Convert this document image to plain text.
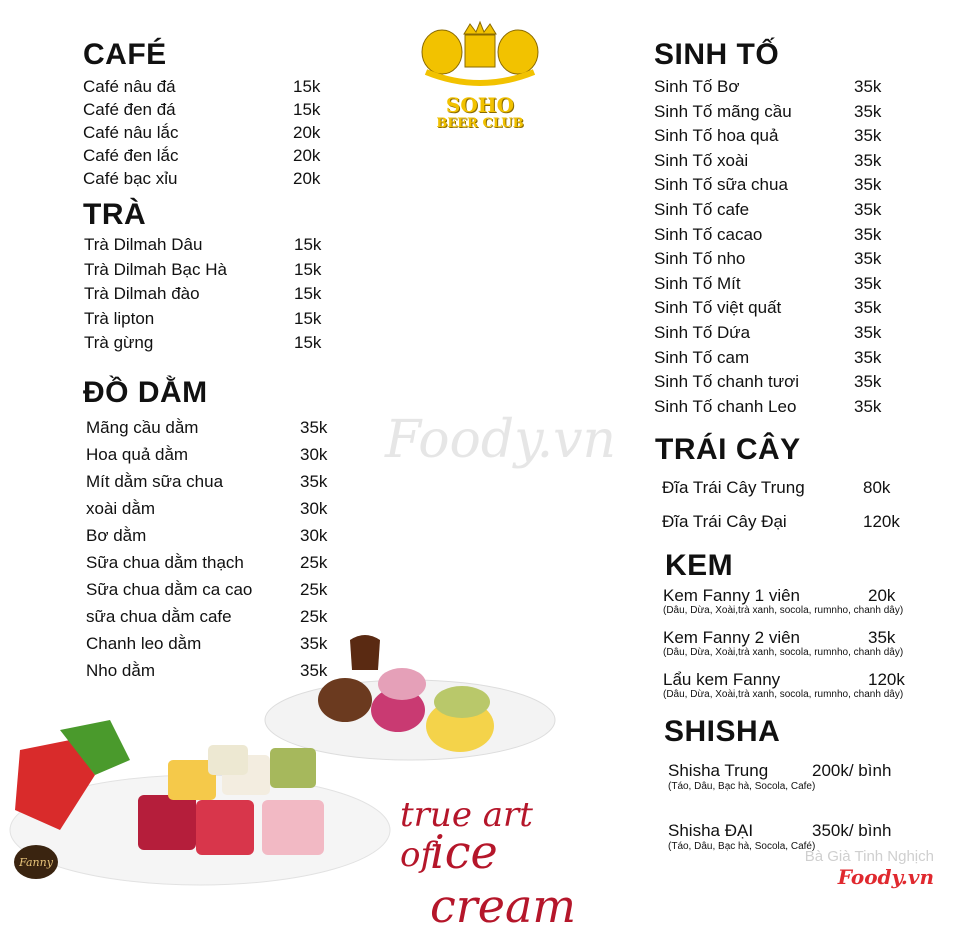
SOHO
BEER CLUB
Foody.vn
CAFÉ
Café nâu đá	15k
Café đen đá	15k
Café nâu lắc	20k
Café đen lắc	20k
Café bạc xỉu	20k
TRÀ
Trà Dilmah Dâu	15k
Trà Dilmah Bạc Hà	15k
Trà Dilmah đào	15k
Trà lipton	15k
Trà gừng	15k
ĐỒ DẰM
Mãng cầu dằm	35k
Hoa quả dằm	30k
Mít dằm sữa chua	35k
xoài dằm	30k
Bơ dằm	30k
Sữa chua dằm thạch	25k
Sữa chua dằm ca cao	25k
sữa chua dằm cafe	25k
Chanh leo dằm	35k
Nho dằm	35k
SINH TỐ
Sinh Tố Bơ	35k
Sinh Tố mãng cầu	35k
Sinh Tố hoa quả	35k
Sinh Tố xoài	35k
Sinh Tố sữa chua	35k
Sinh Tố cafe	35k
Sinh Tố cacao	35k
Sinh Tố nho	35k
Sinh Tố Mít	35k
Sinh Tố việt quất	35k
Sinh Tố Dứa	35k
Sinh Tố cam	35k
Sinh Tố chanh tươi	35k
Sinh Tố chanh Leo	35k
TRÁI CÂY
Đĩa Trái Cây Trung	80k
Đĩa Trái Cây Đại	120k
KEM
Kem Fanny 1 viên	20k
(Dâu, Dừa, Xoài,trà xanh, socola, rumnho, chanh dây)
Kem Fanny 2 viên	35k
(Dâu, Dừa, Xoài,trà xanh, socola, rumnho, chanh dây)
Lẩu kem Fanny	120k
(Dâu, Dừa, Xoài,trà xanh, socola, rumnho, chanh dây)
SHISHA
Shisha Trung	200k/ bình
(Táo, Dâu, Bạc hà, Socola, Cafe)
Shisha ĐẠI	350k/ bình
(Táo, Dâu, Bạc hà, Socola, Café)
true art of
ice cream
Fanny	Bà Già Tinh Nghịch
Foody.vn
